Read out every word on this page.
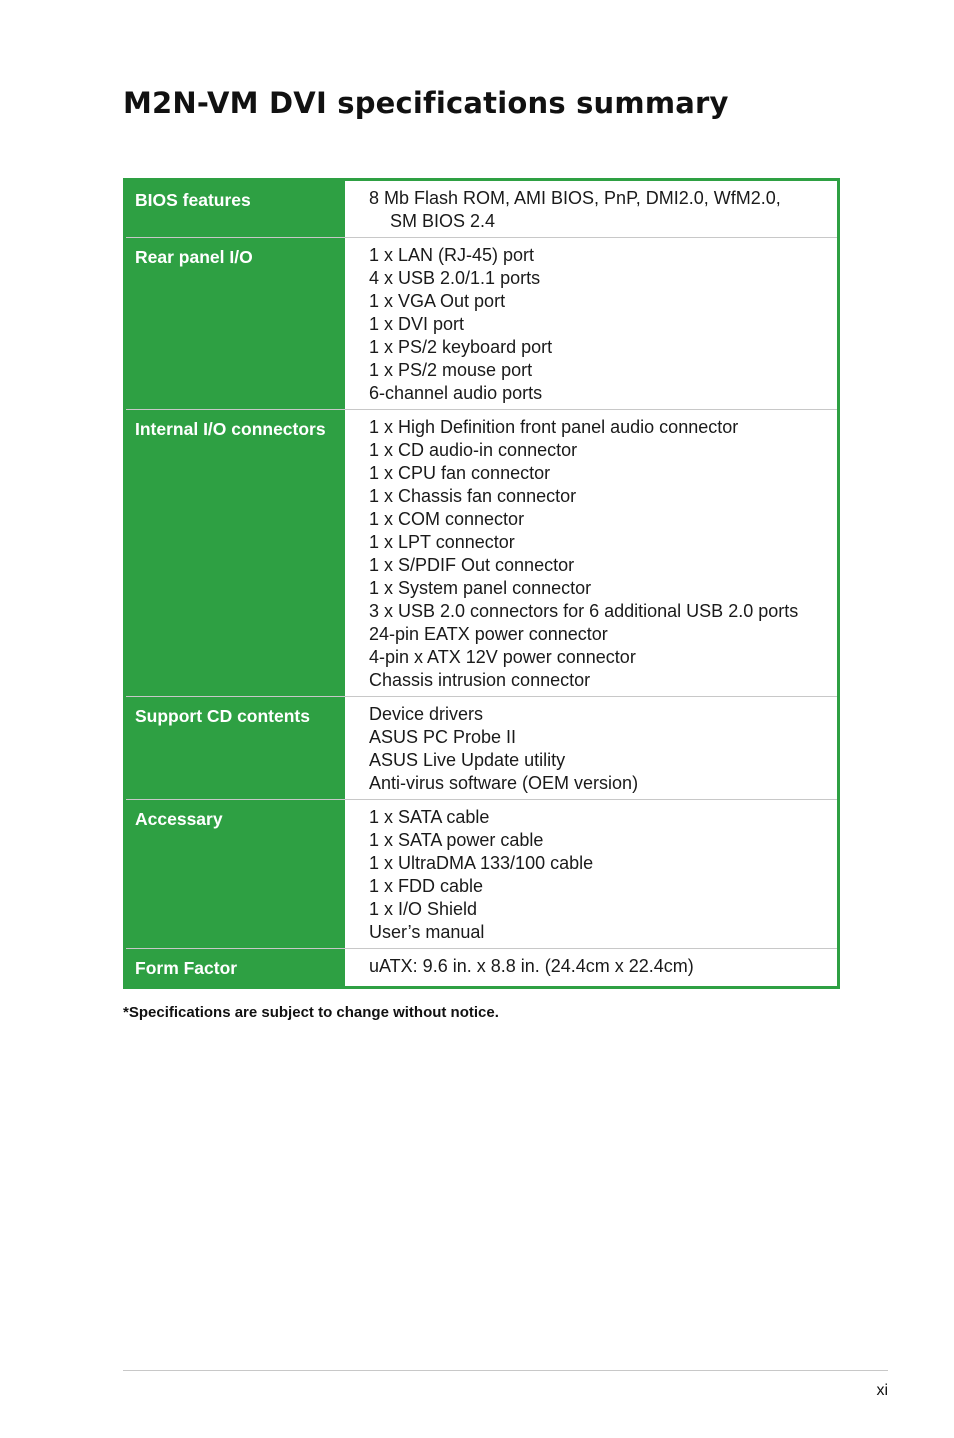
M2N-VM DVI specifications summary
BIOS features	8 Mb Flash ROM, AMI BIOS, PnP, DMI2.0, WfM2.0,
SM BIOS 2.4
Rear panel I/O	1 x LAN (RJ-45) port
4 x USB 2.0/1.1 ports
1 x VGA Out port
1 x DVI port
1 x PS/2 keyboard port
1 x PS/2 mouse port
6-channel audio ports
Internal I/O connectors	1 x High Definition front panel audio connector
1 x CD audio-in connector
1 x CPU fan connector
1 x Chassis fan connector
1 x COM connector
1 x LPT connector
1 x S/PDIF Out connector
1 x System panel connector
3 x USB 2.0 connectors for 6 additional USB 2.0 ports
24-pin EATX power connector
4-pin x ATX 12V power connector
Chassis intrusion connector
Support CD contents	Device drivers
ASUS PC Probe II
ASUS Live Update utility
Anti-virus software (OEM version)
Accessary	1 x SATA cable
1 x SATA power cable
1 x UltraDMA 133/100 cable
1 x FDD cable
1 x I/O Shield
User’s manual
Form Factor	uATX: 9.6 in. x 8.8 in. (24.4cm x 22.4cm)
*Specifications are subject to change without notice.
xi
